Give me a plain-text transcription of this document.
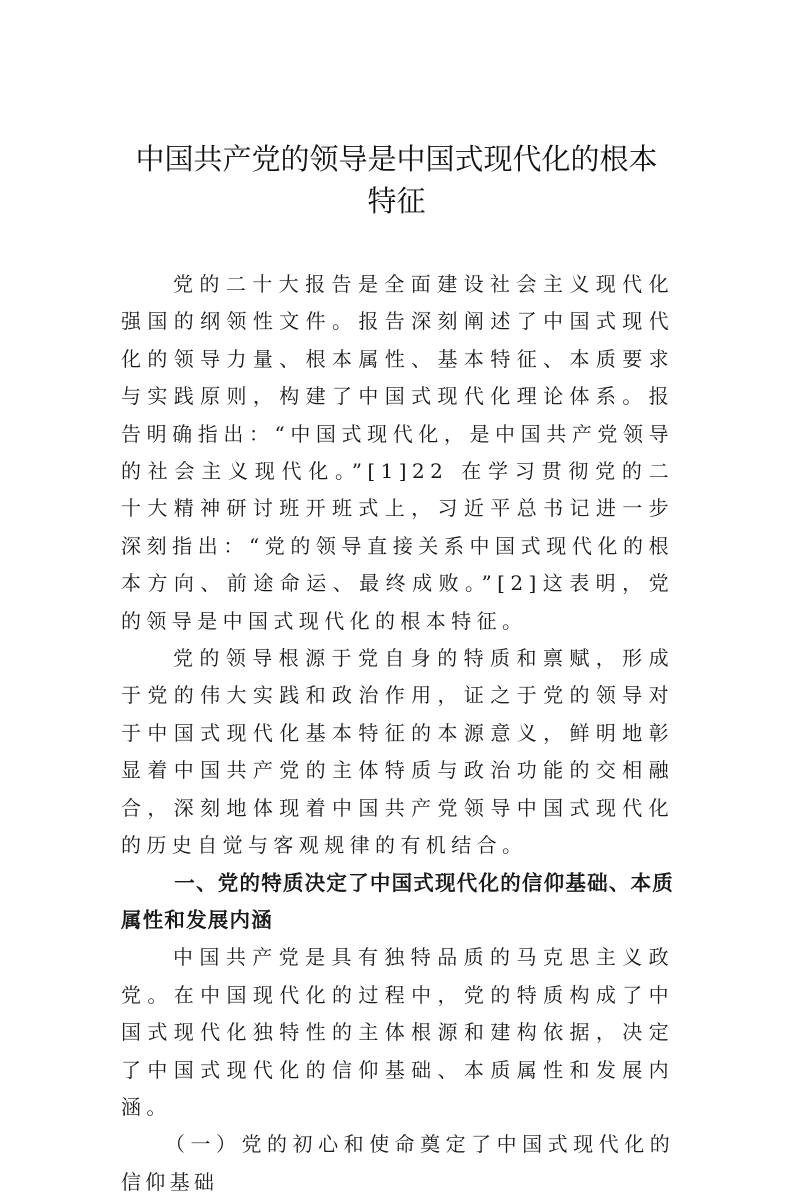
中国共产党的领导是中国式现代化的根本
特征

党的二十大报告是全面建设社会主义现代化强国的纲领性文件。报告深刻阐述了中国式现代化的领导力量、根本属性、基本特征、本质要求与实践原则，构建了中国式现代化理论体系。报告明确指出：“中国式现代化，是中国共产党领导的社会主义现代化。”[1]22 在学习贯彻党的二十大精神研讨班开班式上，习近平总书记进一步深刻指出：“党的领导直接关系中国式现代化的根本方向、前途命运、最终成败。”[2]这表明，党的领导是中国式现代化的根本特征。

党的领导根源于党自身的特质和禀赋，形成于党的伟大实践和政治作用，证之于党的领导对于中国式现代化基本特征的本源意义，鲜明地彰显着中国共产党的主体特质与政治功能的交相融合，深刻地体现着中国共产党领导中国式现代化的历史自觉与客观规律的有机结合。

一、党的特质决定了中国式现代化的信仰基础、本质属性和发展内涵

中国共产党是具有独特品质的马克思主义政党。在中国现代化的过程中，党的特质构成了中国式现代化独特性的主体根源和建构依据，决定了中国式现代化的信仰基础、本质属性和发展内涵。

（一）党的初心和使命奠定了中国式现代化的信仰基础
